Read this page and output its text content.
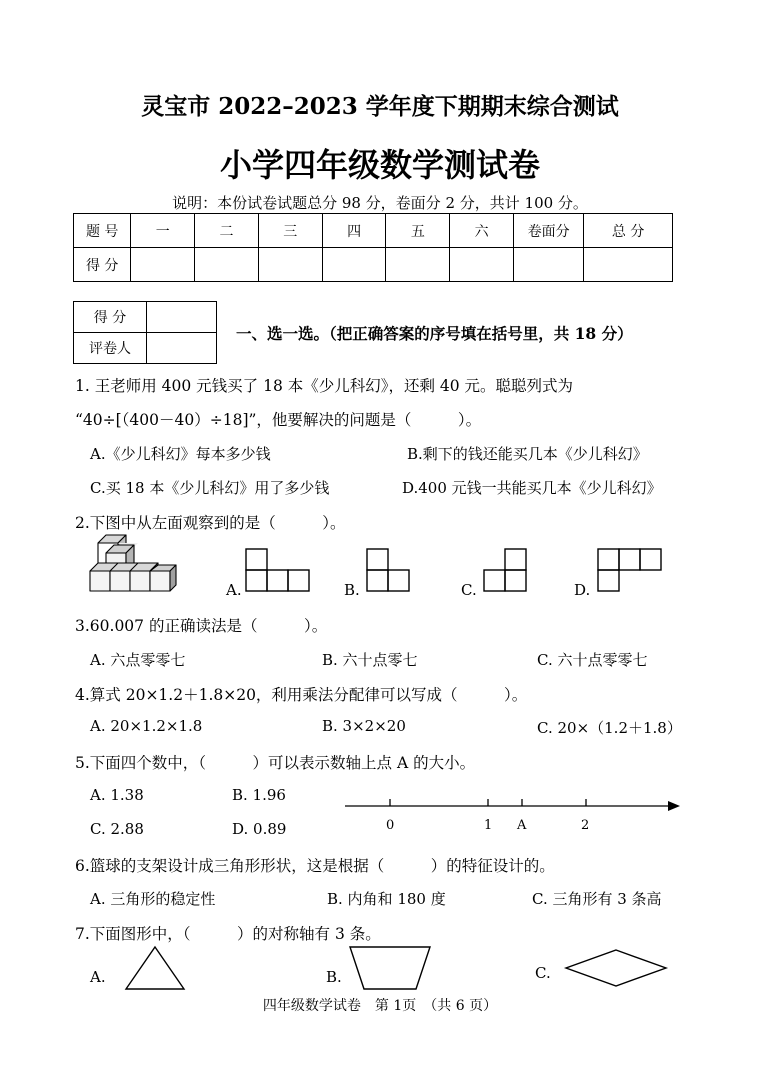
灵宝市 2022–2023 学年度下期期末综合测试
小学四年级数学测试卷
说明：本份试卷试题总分 98 分，卷面分 2 分，共计 100 分。
题 号	一	二	三	四	五	六	卷面分	总 分
得 分								
得 分	
评卷人	
一、选一选。（把正确答案的序号填在括号里，共 18 分）
1. 王老师用 400 元钱买了 18 本《少儿科幻》，还剩 40 元。聪聪列式为
“40÷[（400－40）÷18]”，他要解决的问题是（　　　）。
A.《少儿科幻》每本多少钱	B.剩下的钱还能买几本《少儿科幻》
C.买 18 本《少儿科幻》用了多少钱	D.400 元钱一共能买几本《少儿科幻》
2.下图中从左面观察到的是（　　　）。
A.	B.	C.	D.
3.60.007 的正确读法是（　　　）。
A. 六点零零七	B. 六十点零七	C. 六十点零零七
4.算式 20×1.2＋1.8×20，利用乘法分配律可以写成（　　　）。
A. 20×1.2×1.8	B. 3×2×20	C. 20×（1.2＋1.8）
5.下面四个数中，（　　　）可以表示数轴上点 A 的大小。
A. 1.38	B. 1.96
C. 2.88	D. 0.89	0	1 A	2
6.篮球的支架设计成三角形形状，这是根据（　　　）的特征设计的。
A. 三角形的稳定性	B. 内角和 180 度	C. 三角形有 3 条高
7.下面图形中，（　　　）的对称轴有 3 条。
A.	B.	C.
四年级数学试卷　第 1页　（共 6 页）
